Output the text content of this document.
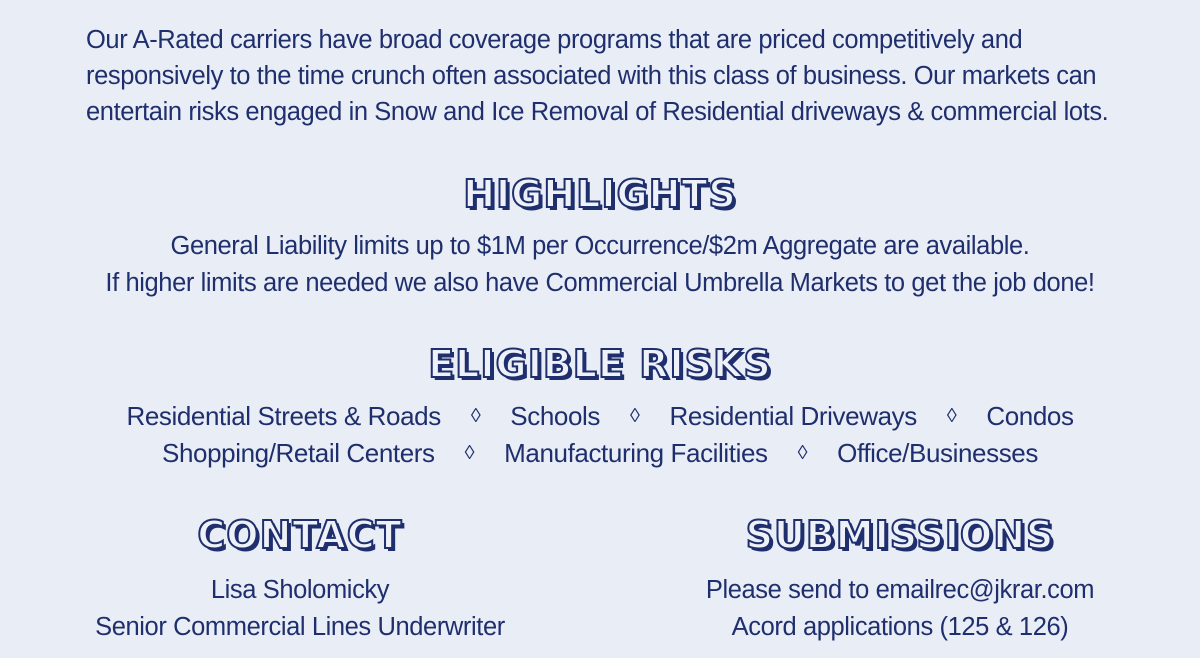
Our A-Rated carriers have broad coverage programs that are priced competitively and
responsively to the time crunch often associated with this class of business. Our markets can
entertain risks engaged in Snow and Ice Removal of Residential driveways & commercial lots.
HIGHLIGHTS
General Liability limits up to $1M per Occurrence/$2m Aggregate are available.
If higher limits are needed we also have Commercial Umbrella Markets to get the job done!
ELIGIBLE RISKS
Residential Streets & Roads ◊ Schools ◊ Residential Driveways ◊ Condos
Shopping/Retail Centers ◊ Manufacturing Facilities ◊ Office/Businesses
CONTACT
Lisa Sholomicky
Senior Commercial Lines Underwriter
SUBMISSIONS
Please send to emailrec@jkrar.com
Acord applications (125 & 126)
